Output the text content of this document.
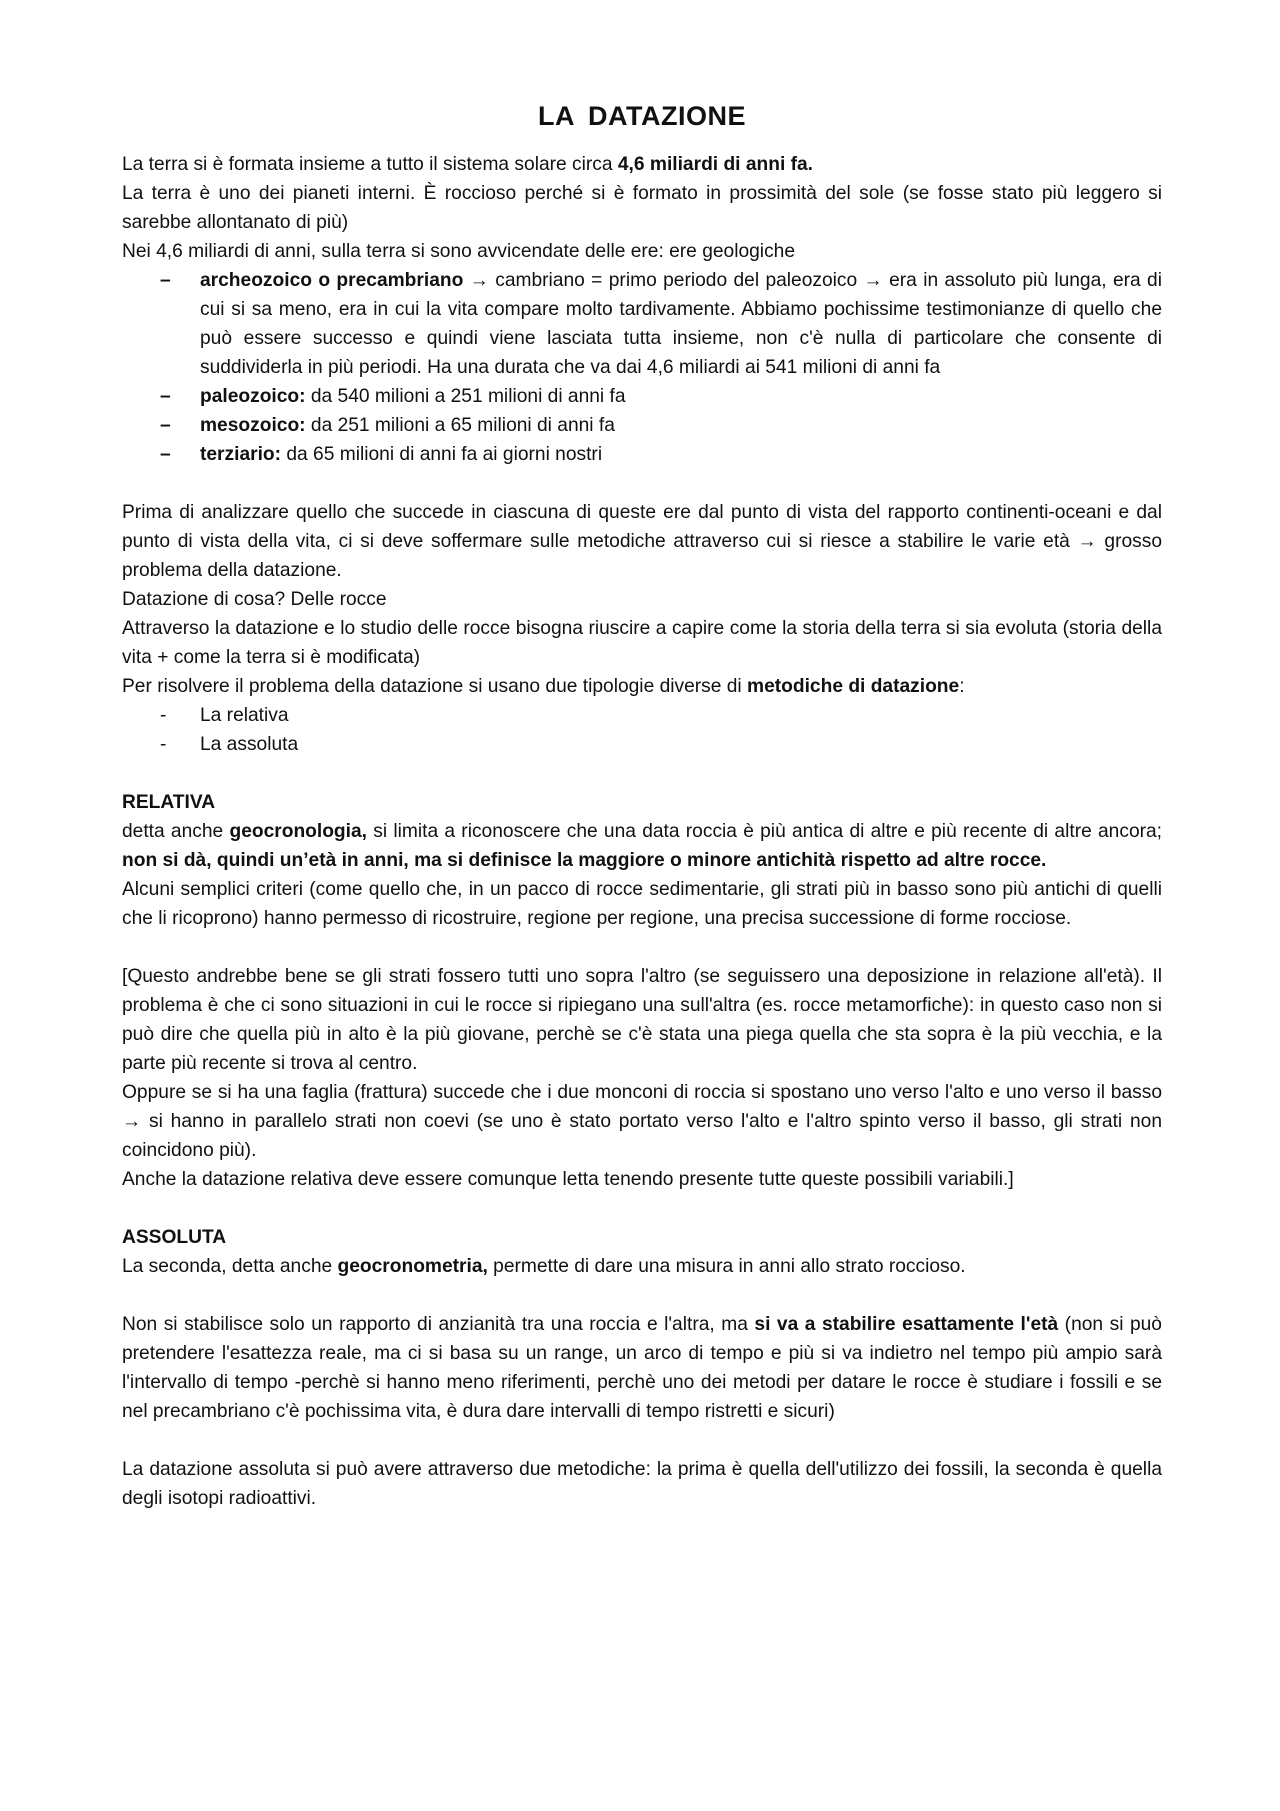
LA DATAZIONE

La terra si è formata insieme a tutto il sistema solare circa 4,6 miliardi di anni fa.

La terra è uno dei pianeti interni. È roccioso perché si è formato in prossimità del sole (se fosse stato più leggero si sarebbe allontanato di più)

Nei 4,6 miliardi di anni, sulla terra si sono avvicendate delle ere: ere geologiche

– archeozoico o precambriano → cambriano = primo periodo del paleozoico → era in assoluto più lunga, era di cui si sa meno, era in cui la vita compare molto tardivamente. Abbiamo pochissime testimonianze di quello che può essere successo e quindi viene lasciata tutta insieme, non c'è nulla di particolare che consente di suddividerla in più periodi. Ha una durata che va dai 4,6 miliardi ai 541 milioni di anni fa
– paleozoico: da 540 milioni a 251 milioni di anni fa
– mesozoico: da 251 milioni a 65 milioni di anni fa
– terziario: da 65 milioni di anni fa ai giorni nostri

Prima di analizzare quello che succede in ciascuna di queste ere dal punto di vista del rapporto continenti-oceani e dal punto di vista della vita, ci si deve soffermare sulle metodiche attraverso cui si riesce a stabilire le varie età → grosso problema della datazione.

Datazione di cosa? Delle rocce

Attraverso la datazione e lo studio delle rocce bisogna riuscire a capire come la storia della terra si sia evoluta (storia della vita + come la terra si è modificata)

Per risolvere il problema della datazione si usano due tipologie diverse di metodiche di datazione:

- La relativa
- La assoluta
RELATIVA

detta anche geocronologia, si limita a riconoscere che una data roccia è più antica di altre e più recente di altre ancora; non si dà, quindi un’età in anni, ma si definisce la maggiore o minore antichità rispetto ad altre rocce.

Alcuni semplici criteri (come quello che, in un pacco di rocce sedimentarie, gli strati più in basso sono più antichi di quelli che li ricoprono) hanno permesso di ricostruire, regione per regione, una precisa successione di forme rocciose.

[Questo andrebbe bene se gli strati fossero tutti uno sopra l'altro (se seguissero una deposizione in relazione all'età). Il problema è che ci sono situazioni in cui le rocce si ripiegano una sull'altra (es. rocce metamorfiche): in questo caso non si può dire che quella più in alto è la più giovane, perchè se c'è stata una piega quella che sta sopra è la più vecchia, e la parte più recente si trova al centro.

Oppure se si ha una faglia (frattura) succede che i due monconi di roccia si spostano uno verso l'alto e uno verso il basso → si hanno in parallelo strati non coevi (se uno è stato portato verso l'alto e l'altro spinto verso il basso, gli strati non coincidono più).

Anche la datazione relativa deve essere comunque letta tenendo presente tutte queste possibili variabili.]

ASSOLUTA

La seconda, detta anche geocronometria, permette di dare una misura in anni allo strato roccioso.

Non si stabilisce solo un rapporto di anzianità tra una roccia e l'altra, ma si va a stabilire esattamente l'età (non si può pretendere l'esattezza reale, ma ci si basa su un range, un arco di tempo e più si va indietro nel tempo più ampio sarà l'intervallo di tempo -perchè si hanno meno riferimenti, perchè uno dei metodi per datare le rocce è studiare i fossili e se nel precambriano c'è pochissima vita, è dura dare intervalli di tempo ristretti e sicuri)

La datazione assoluta si può avere attraverso due metodiche: la prima è quella dell'utilizzo dei fossili, la seconda è quella degli isotopi radioattivi.
